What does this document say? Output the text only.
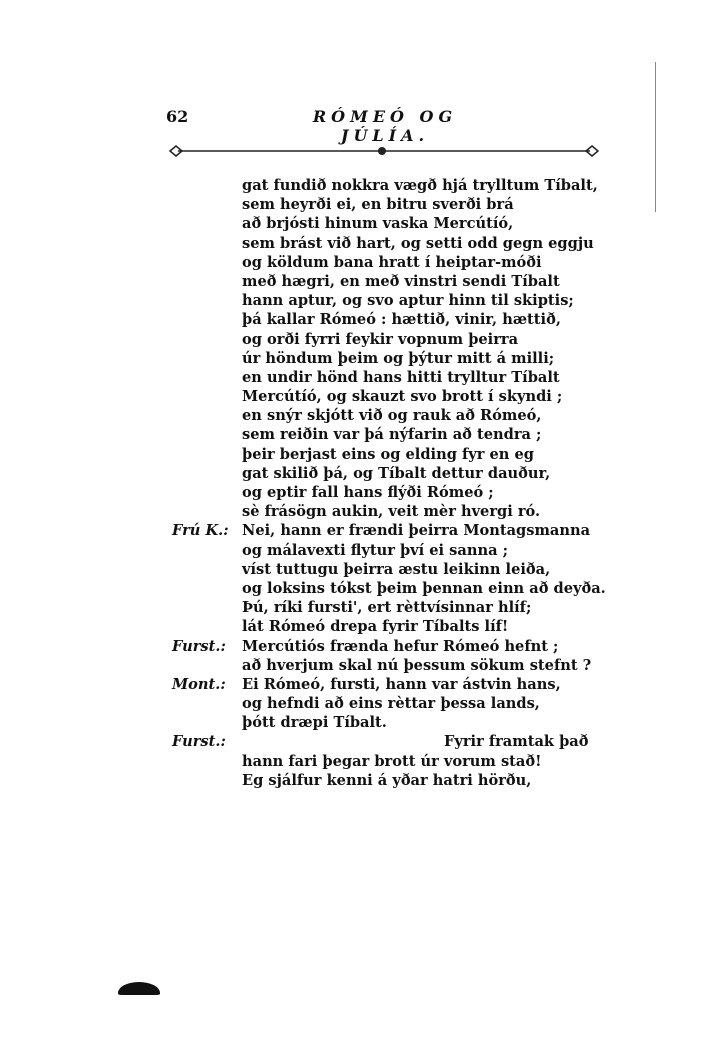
62	RÓMEÓ OG JÚLÍA.
gat fundið nokkra vægð hjá trylltum Tíbalt,
sem heyrði ei, en bitru sverði brá
að brjósti hinum vaska Mercútíó,
sem brást við hart, og setti odd gegn eggju
og köldum bana hratt í heiptar-móði
með hægri, en með vinstri sendi Tíbalt
hann aptur, og svo aptur hinn til skiptis;
þá kallar Rómeó : hættið, vinir, hættið,
og orði fyrri feykir vopnum þeirra
úr höndum þeim og þýtur mitt á milli;
en undir hönd hans hitti trylltur Tíbalt
Mercútíó, og skauzt svo brott í skyndi ;
en snýr skjótt við og rauk að Rómeó,
sem reiðin var þá nýfarin að tendra ;
þeir berjast eins og elding fyr en eg
gat skilið þá, og Tíbalt dettur dauður,
og eptir fall hans flýði Rómeó ;
sè frásögn aukin, veit mèr hvergi ró.
Frú K.: Nei, hann er frændi þeirra Montagsmanna
og málavexti flytur því ei sanna ;
víst tuttugu þeirra æstu leikinn leiða,
og loksins tókst þeim þennan einn að deyða.
Þú, ríki fursti', ert rèttvísinnar hlíf;
lát Rómeó drepa fyrir Tíbalts líf!
Furst.: Mercútiós frænda hefur Rómeó hefnt ;
að hverjum skal nú þessum sökum stefnt ?
Mont.: Ei Rómeó, fursti, hann var ástvin hans,
og hefndi að eins rèttar þessa lands,
þótt dræpi Tíbalt.
Furst.:	Fyrir framtak það
hann fari þegar brott úr vorum stað!
Eg sjálfur kenni á yðar hatri hörðu,
